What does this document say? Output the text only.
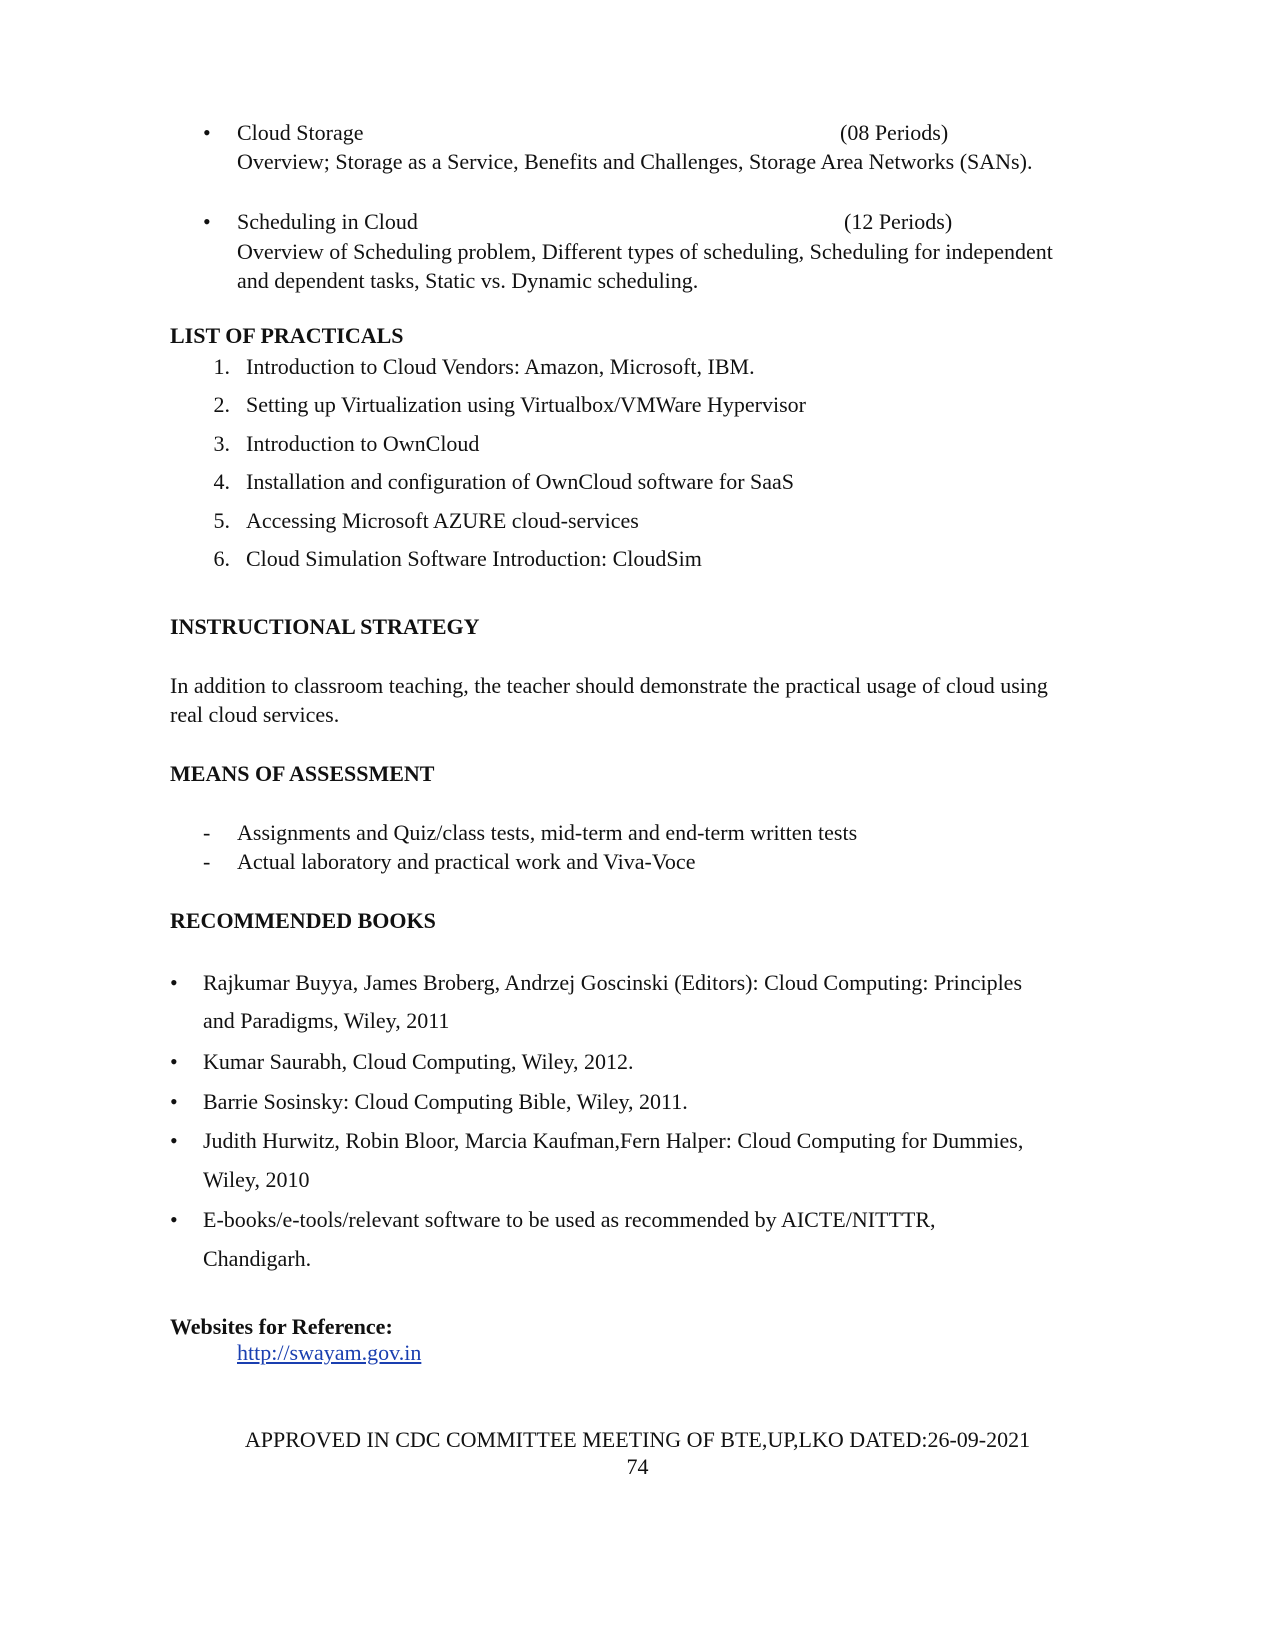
• Cloud Storage	(08 Periods)
Overview; Storage as a Service, Benefits and Challenges, Storage Area Networks (SANs).
• Scheduling in Cloud	(12 Periods)
Overview of Scheduling problem, Different types of scheduling, Scheduling for independent
and dependent tasks, Static vs. Dynamic scheduling.
LIST OF PRACTICALS
1. Introduction to Cloud Vendors: Amazon, Microsoft, IBM.
2. Setting up Virtualization using Virtualbox/VMWare Hypervisor
3. Introduction to OwnCloud
4. Installation and configuration of OwnCloud software for SaaS
5. Accessing Microsoft AZURE cloud-services
6. Cloud Simulation Software Introduction: CloudSim
INSTRUCTIONAL STRATEGY
In addition to classroom teaching, the teacher should demonstrate the practical usage of cloud using
real cloud services.
MEANS OF ASSESSMENT
- Assignments and Quiz/class tests, mid-term and end-term written tests
- Actual laboratory and practical work and Viva-Voce
RECOMMENDED BOOKS
• Rajkumar Buyya, James Broberg, Andrzej Goscinski (Editors): Cloud Computing: Principles
and Paradigms, Wiley, 2011
• Kumar Saurabh, Cloud Computing, Wiley, 2012.
• Barrie Sosinsky: Cloud Computing Bible, Wiley, 2011.
• Judith Hurwitz, Robin Bloor, Marcia Kaufman,Fern Halper: Cloud Computing for Dummies,
Wiley, 2010
• E-books/e-tools/relevant software to be used as recommended by AICTE/NITTTR,
Chandigarh.
Websites for Reference:
http://swayam.gov.in
APPROVED IN CDC COMMITTEE MEETING OF BTE,UP,LKO DATED:26-09-2021
74
